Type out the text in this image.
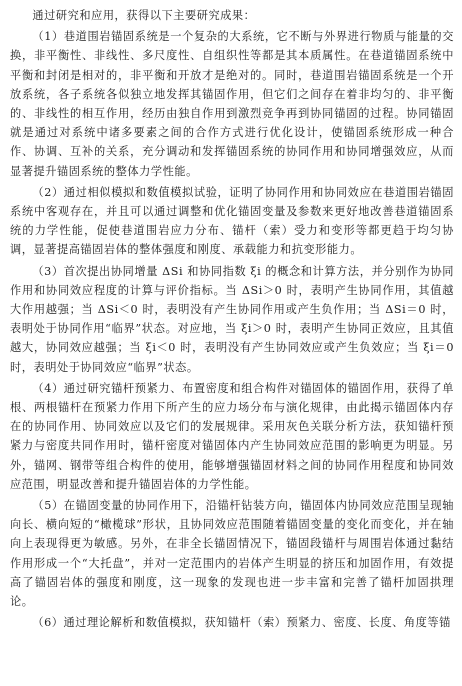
通过研究和应用，获得以下主要研究成果：

（1）巷道围岩锚固系统是一个复杂的大系统，它不断与外界进行物质与能量的交换，非平衡性、非线性、多尺度性、自组织性等都是其本质属性。在巷道锚固系统中平衡和封闭是相对的，非平衡和开放才是绝对的。同时，巷道围岩锚固系统是一个开放系统，各子系统各似独立地发挥其锚固作用，但它们之间存在着非均匀的、非平衡的、非线性的相互作用，经历由独自作用到激烈竞争再到协同锚固的过程。协同锚固就是通过对系统中诸多要素之间的合作方式进行优化设计，使锚固系统形成一种合作、协调、互补的关系，充分调动和发挥锚固系统的协同作用和协同增强效应，从而显著提升锚固系统的整体力学性能。

（2）通过相似模拟和数值模拟试验，证明了协同作用和协同效应在巷道围岩锚固系统中客观存在，并且可以通过调整和优化锚固变量及参数来更好地改善巷道锚固系统的力学性能，促使巷道围岩应力分布、锚杆（索）受力和变形等都更趋于均匀协调，显著提高锚固岩体的整体强度和刚度、承载能力和抗变形能力。

（3）首次提出协同增量 ΔSi 和协同指数 ξi 的概念和计算方法，并分别作为协同作用和协同效应程度的计算与评价指标。当 ΔSi＞0 时，表明产生协同作用，其值越大作用越强；当 ΔSi＜0 时，表明没有产生协同作用或产生负作用；当 ΔSi＝0 时，表明处于协同作用“临界”状态。对应地，当 ξi＞0 时，表明产生协同正效应，且其值越大，协同效应越强；当 ξi＜0 时，表明没有产生协同效应或产生负效应；当 ξi＝0 时，表明处于协同效应“临界”状态。

（4）通过研究锚杆预紧力、布置密度和组合构件对锚固体的锚固作用，获得了单根、两根锚杆在预紧力作用下所产生的应力场分布与演化规律，由此揭示锚固体内存在的协同作用、协同效应以及它们的发展规律。采用灰色关联分析方法，获知锚杆预紧力与密度共同作用时，锚杆密度对锚固体内产生协同效应范围的影响更为明显。另外，锚网、钢带等组合构件的使用，能够增强锚固材料之间的协同作用程度和协同效应范围，明显改善和提升锚固岩体的力学性能。

（5）在锚固变量的协同作用下，沿锚杆钻装方向，锚固体内协同效应范围呈现轴向长、横向短的“橄榄球”形状，且协同效应范围随着锚固变量的变化而变化，并在轴向上表现得更为敏感。另外，在非全长锚固情况下，锚固段锚杆与周围岩体通过黏结作用形成一个“大托盘”，并对一定范围内的岩体产生明显的挤压和加固作用，有效提高了锚固岩体的强度和刚度，这一现象的发现也进一步丰富和完善了锚杆加固拱理论。

（6）通过理论解析和数值模拟，获知锚杆（索）预紧力、密度、长度、角度等锚
